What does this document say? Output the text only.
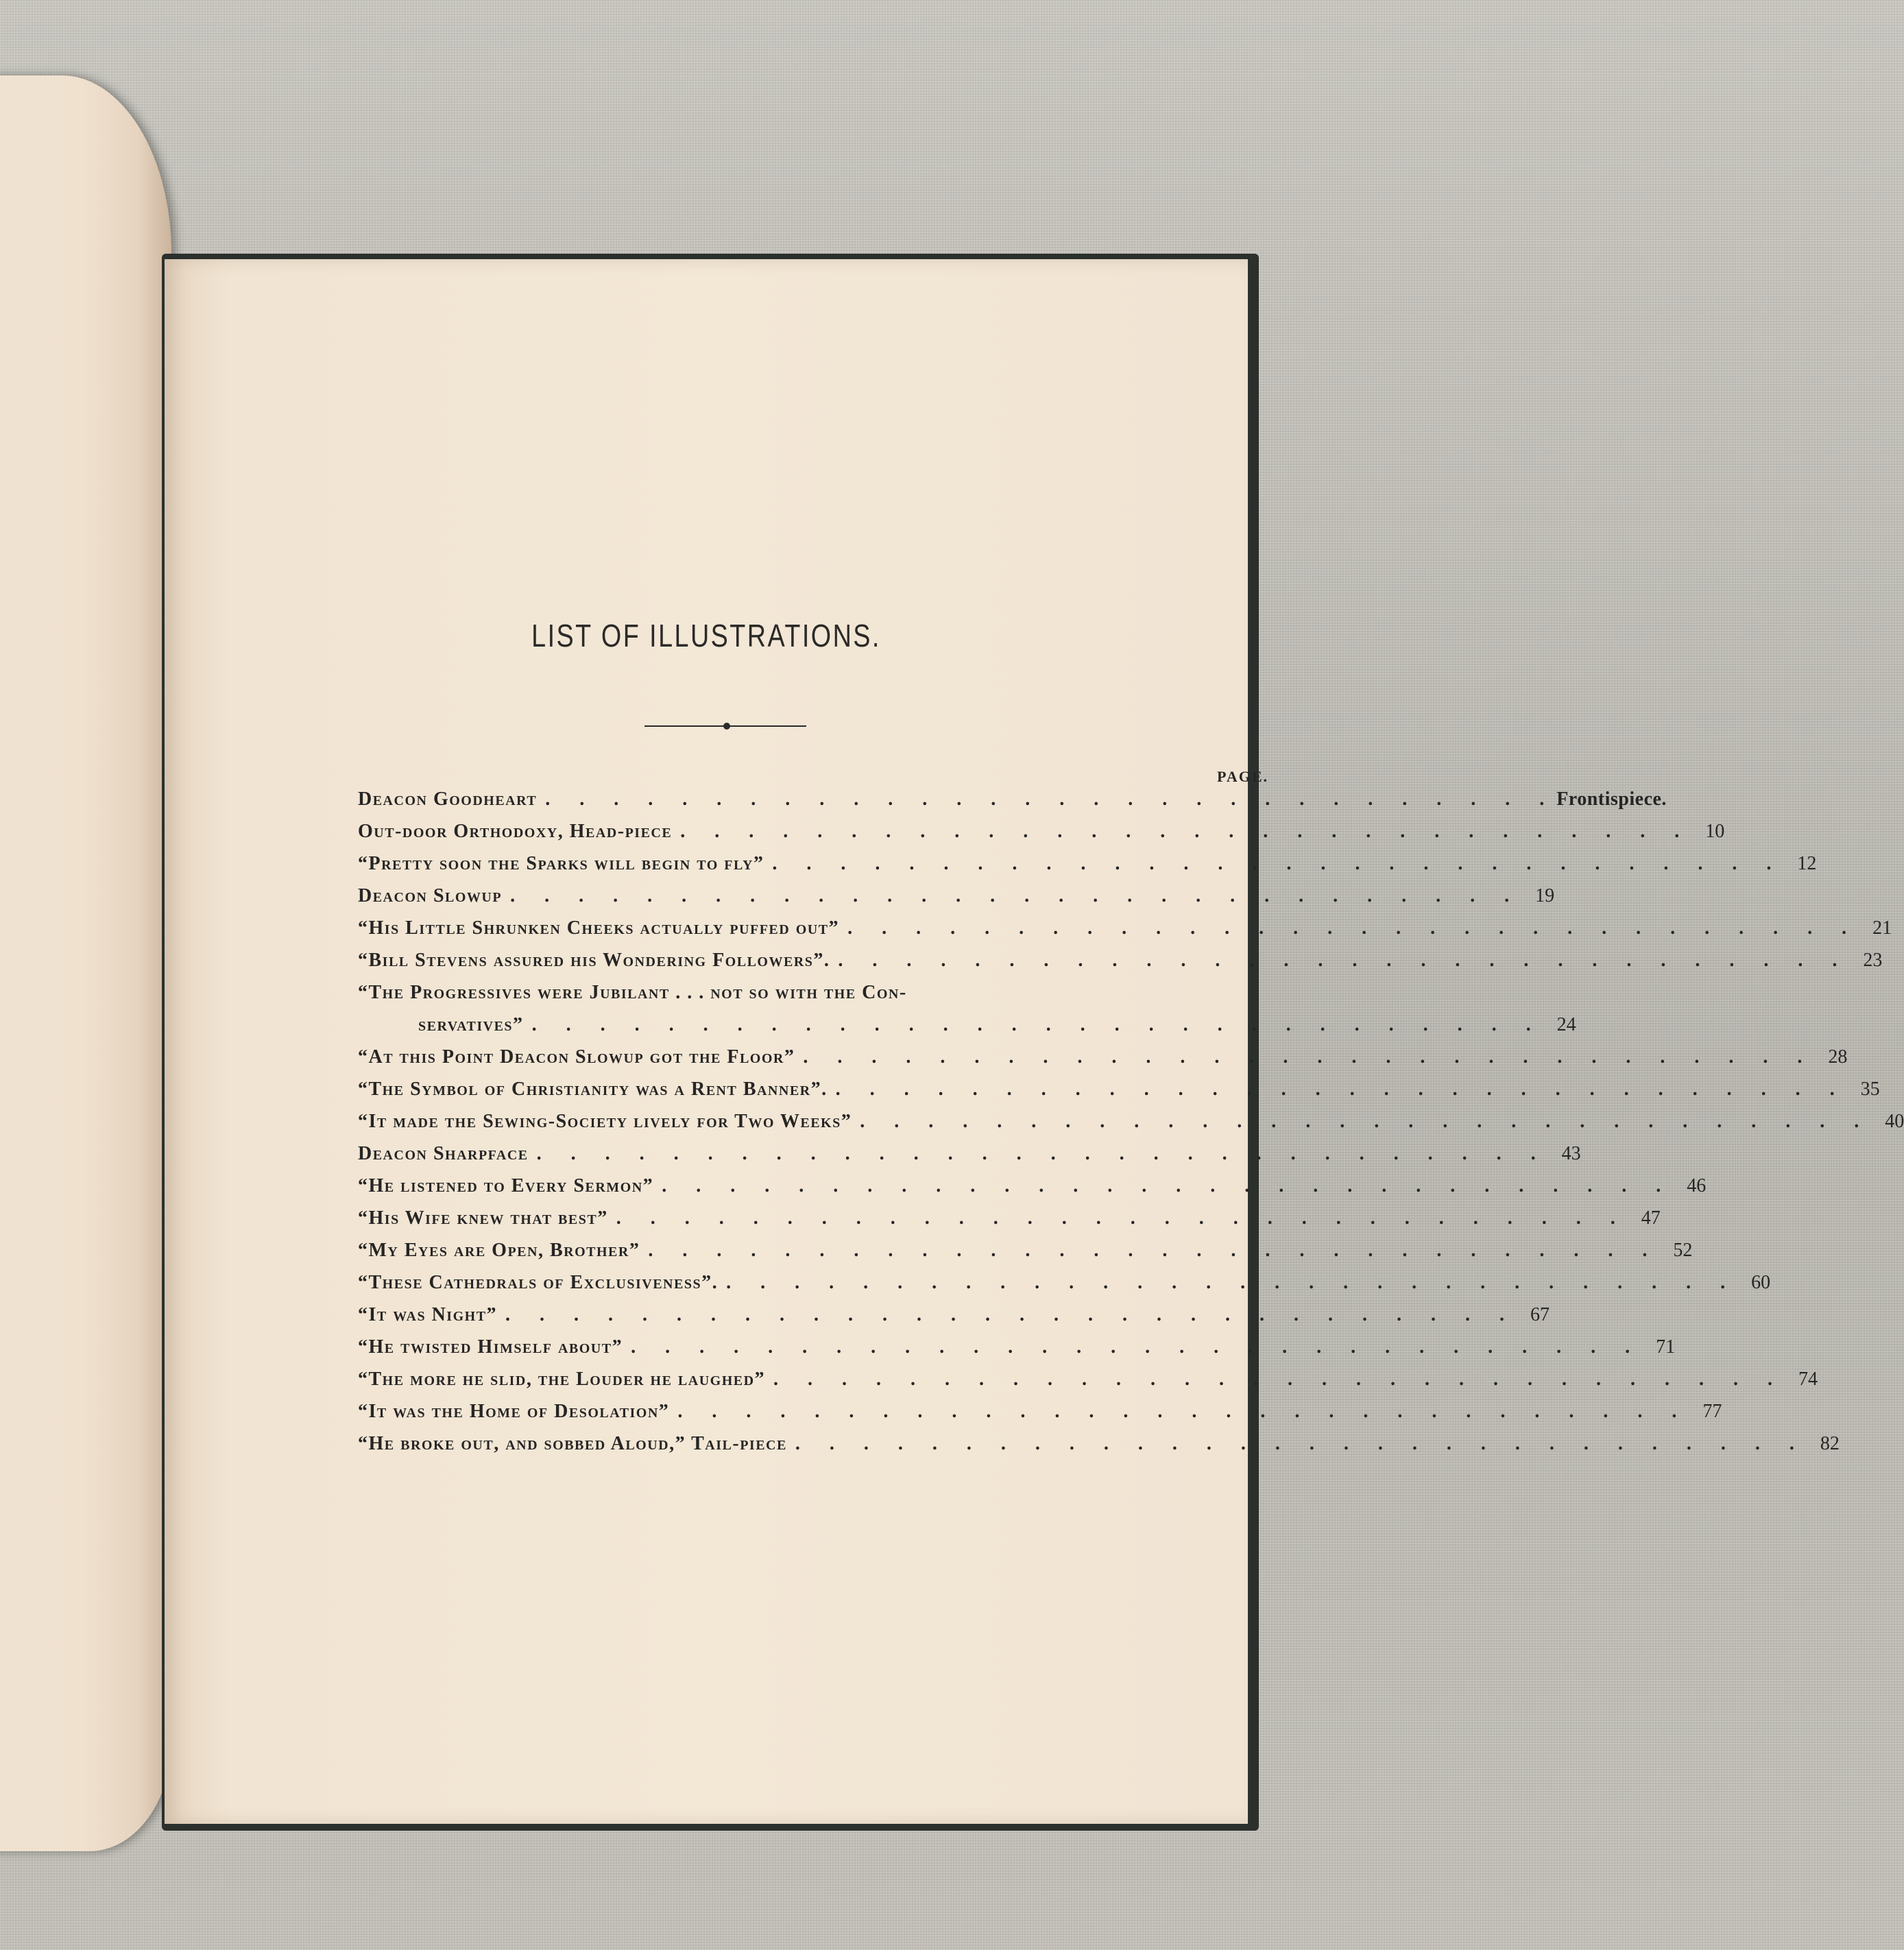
LIST OF ILLUSTRATIONS.
PAGE.
Deacon Goodheart . . . . . . . . . . . . . . . . . . . . . . . . . . . . . . Frontispiece.
Out-door Orthodoxy, Head-piece . . . . . . . . . . . . . . . . . . . . . . . . . . . . . . 10
“Pretty soon the Sparks will begin to fly” . . . . . . . . . . . . . . . . . . . . . . . . . . . . . . 12
Deacon Slowup . . . . . . . . . . . . . . . . . . . . . . . . . . . . . . 19
“His Little Shrunken Cheeks actually puffed out” . . . . . . . . . . . . . . . . . . . . . . . . . . . . . . 21
“Bill Stevens assured his Wondering Followers”. . . . . . . . . . . . . . . . . . . . . . . . . . . . . . . 23
“The Progressives were Jubilant . . . not so with the Con-
servatives” . . . . . . . . . . . . . . . . . . . . . . . . . . . . . . 24
“At this Point Deacon Slowup got the Floor” . . . . . . . . . . . . . . . . . . . . . . . . . . . . . . 28
“The Symbol of Christianity was a Rent Banner”. . . . . . . . . . . . . . . . . . . . . . . . . . . . . . . 35
“It made the Sewing-Society lively for Two Weeks” . . . . . . . . . . . . . . . . . . . . . . . . . . . . . . 40
Deacon Sharpface . . . . . . . . . . . . . . . . . . . . . . . . . . . . . . 43
“He listened to Every Sermon” . . . . . . . . . . . . . . . . . . . . . . . . . . . . . . 46
“His Wife knew that best” . . . . . . . . . . . . . . . . . . . . . . . . . . . . . . 47
“My Eyes are Open, Brother” . . . . . . . . . . . . . . . . . . . . . . . . . . . . . . 52
“These Cathedrals of Exclusiveness”. . . . . . . . . . . . . . . . . . . . . . . . . . . . . . . 60
“It was Night” . . . . . . . . . . . . . . . . . . . . . . . . . . . . . . 67
“He twisted Himself about” . . . . . . . . . . . . . . . . . . . . . . . . . . . . . . 71
“The more he slid, the Louder he laughed” . . . . . . . . . . . . . . . . . . . . . . . . . . . . . . 74
“It was the Home of Desolation” . . . . . . . . . . . . . . . . . . . . . . . . . . . . . . 77
“He broke out, and sobbed Aloud,” Tail-piece . . . . . . . . . . . . . . . . . . . . . . . . . . . . . . 82
